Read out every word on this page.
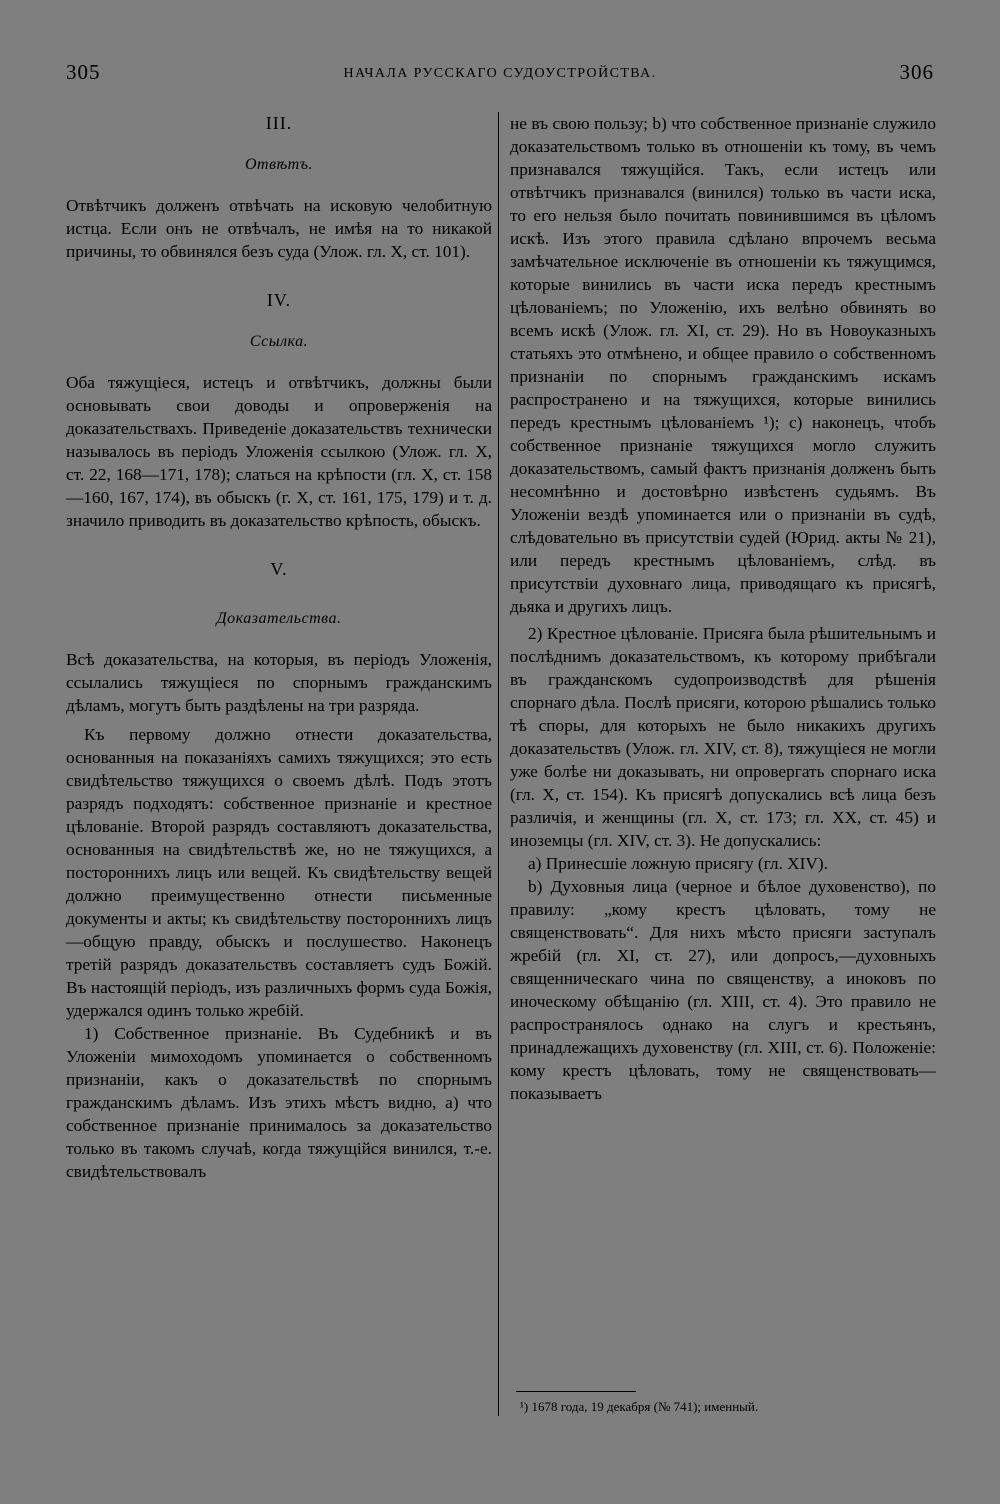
305	НАЧАЛА РУССКАГО СУДОУСТРОЙСТВА.	306
III.
Отвѣтъ.

Отвѣтчикъ долженъ отвѣчать на исковую челобитную истца. Если онъ не отвѣчалъ, не имѣя на то никакой причины, то обвинялся безъ суда (Улож. гл. X, ст. 101).

IV.
Ссылка.

Оба тяжущіеся, истецъ и отвѣтчикъ, должны были основывать свои доводы и опроверженія на доказательствахъ. Приведеніе доказательствъ технически называлось въ періодъ Уложенія ссылкою (Улож. гл. X, ст. 22, 168—171, 178); слаться на крѣпости (гл. X, ст. 158—160, 167, 174), въ обыскъ (г. X, ст. 161, 175, 179) и т. д. значило приводить въ доказательство крѣпость, обыскъ.

V.
Доказательства.

Всѣ доказательства, на которыя, въ періодъ Уложенія, ссылались тяжущіеся по спорнымъ гражданскимъ дѣламъ, могутъ быть раздѣлены на три разряда.

Къ первому должно отнести доказательства, основанныя на показаніяхъ самихъ тяжущихся; это есть свидѣтельство тяжущихся о своемъ дѣлѣ. Подъ этотъ разрядъ подходятъ: собственное признаніе и крестное цѣлованіе. Второй разрядъ составляютъ доказательства, основанныя на свидѣтельствѣ же, но не тяжущихся, а постороннихъ лицъ или вещей. Къ свидѣтельству вещей должно преимущественно отнести письменные документы и акты; къ свидѣтельству постороннихъ лицъ—общую правду, обыскъ и послушество. Наконецъ третій разрядъ доказательствъ составляетъ судъ Божій. Въ настоящій періодъ, изъ различныхъ формъ суда Божія, удержался одинъ только жребій.

1) Собственное признаніе. Въ Судебникѣ и въ Уложеніи мимоходомъ упоминается о собственномъ признаніи, какъ о доказательствѣ по спорнымъ гражданскимъ дѣламъ. Изъ этихъ мѣстъ видно, а) что собственное признаніе принималось за доказательство только въ такомъ случаѣ, когда тяжущійся винился, т.-е. свидѣтельствовалъ

не въ свою пользу; b) что собственное признаніе служило доказательствомъ только въ отношеніи къ тому, въ чемъ признавался тяжущійся. Такъ, если истецъ или отвѣтчикъ признавался (винился) только въ части иска, то его нельзя было почитать повинившимся въ цѣломъ искѣ. Изъ этого правила сдѣлано впрочемъ весьма замѣчательное исключеніе въ отношеніи къ тяжущимся, которые винились въ части иска передъ крестнымъ цѣлованіемъ; по Уложенію, ихъ велѣно обвинять во всемъ искѣ (Улож. гл. XI, ст. 29). Но въ Новоуказныхъ статьяхъ это отмѣнено, и общее правило о собственномъ признаніи по спорнымъ гражданскимъ искамъ распространено и на тяжущихся, которые винились передъ крестнымъ цѣлованіемъ ¹); c) наконецъ, чтобъ собственное признаніе тяжущихся могло служить доказательствомъ, самый фактъ признанія долженъ быть несомнѣнно и достовѣрно извѣстенъ судьямъ. Въ Уложеніи вездѣ упоминается или о признаніи въ судѣ, слѣдовательно въ присутствіи судей (Юрид. акты № 21), или передъ крестнымъ цѣлованіемъ, слѣд. въ присутствіи духовнаго лица, приводящаго къ присягѣ, дьяка и другихъ лицъ.

2) Крестное цѣлованіе. Присяга была рѣшительнымъ и послѣднимъ доказательствомъ, къ которому прибѣгали въ гражданскомъ судопроизводствѣ для рѣшенія спорнаго дѣла. Послѣ присяги, которою рѣшались только тѣ споры, для которыхъ не было никакихъ другихъ доказательствъ (Улож. гл. XIV, ст. 8), тяжущіеся не могли уже болѣе ни доказывать, ни опровергать спорнаго иска (гл. X, ст. 154). Къ присягѣ допускались всѣ лица безъ различія, и женщины (гл. X, ст. 173; гл. XX, ст. 45) и иноземцы (гл. XIV, ст. 3). Не допускались:

а) Принесшіе ложную присягу (гл. XIV).

b) Духовныя лица (черное и бѣлое духовенство), по правилу: „кому крестъ цѣловать, тому не священствовать“. Для нихъ мѣсто присяги заступалъ жребій (гл. XI, ст. 27), или допросъ,—духовныхъ священническаго чина по священству, а иноковъ по иноческому обѣщанію (гл. XIII, ст. 4). Это правило не распространялось однако на слугъ и крестьянъ, принадлежащихъ духовенству (гл. XIII, ст. 6). Положеніе: кому крестъ цѣловать, тому не священствовать—показываетъ

¹) 1678 года, 19 декабря (№ 741); именный.
